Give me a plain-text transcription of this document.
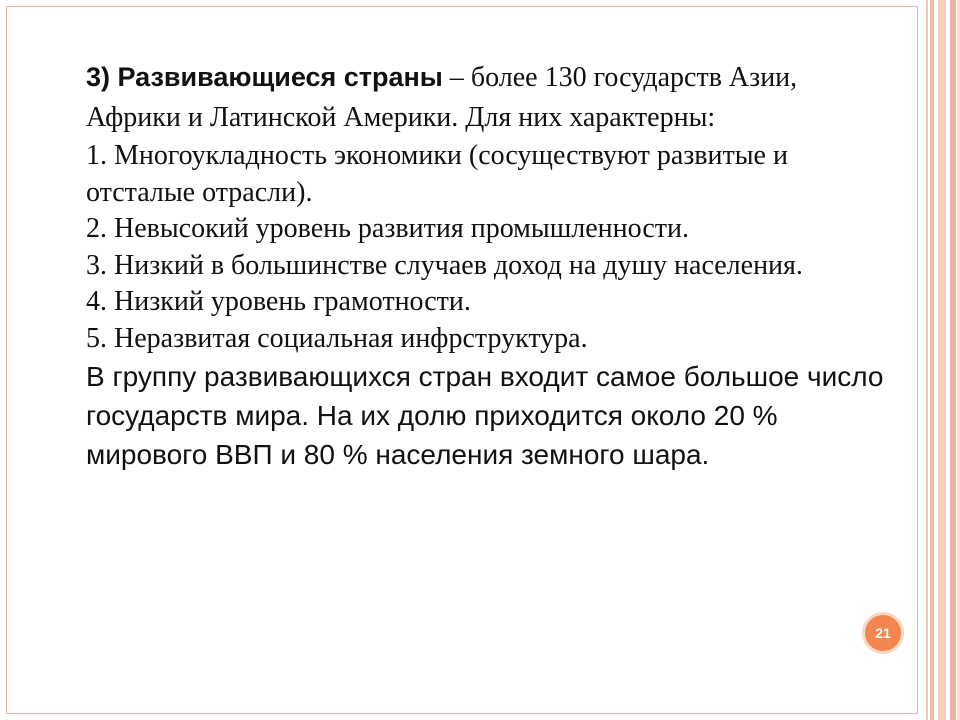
3) Развивающиеся страны – более 130 государств Азии, Африки и Латинской Америки. Для них характерны:

1. Многоукладность экономики (сосуществуют развитые и отсталые отрасли).

2. Невысокий уровень развития промышленности.

3. Низкий в большинстве случаев доход на душу населения.

4. Низкий уровень грамотности.

5. Неразвитая социальная инфрструктура.

В группу развивающихся стран входит самое большое число государств мира. На их долю приходится около 20 % мирового ВВП и 80 % населения земного шара.

21
